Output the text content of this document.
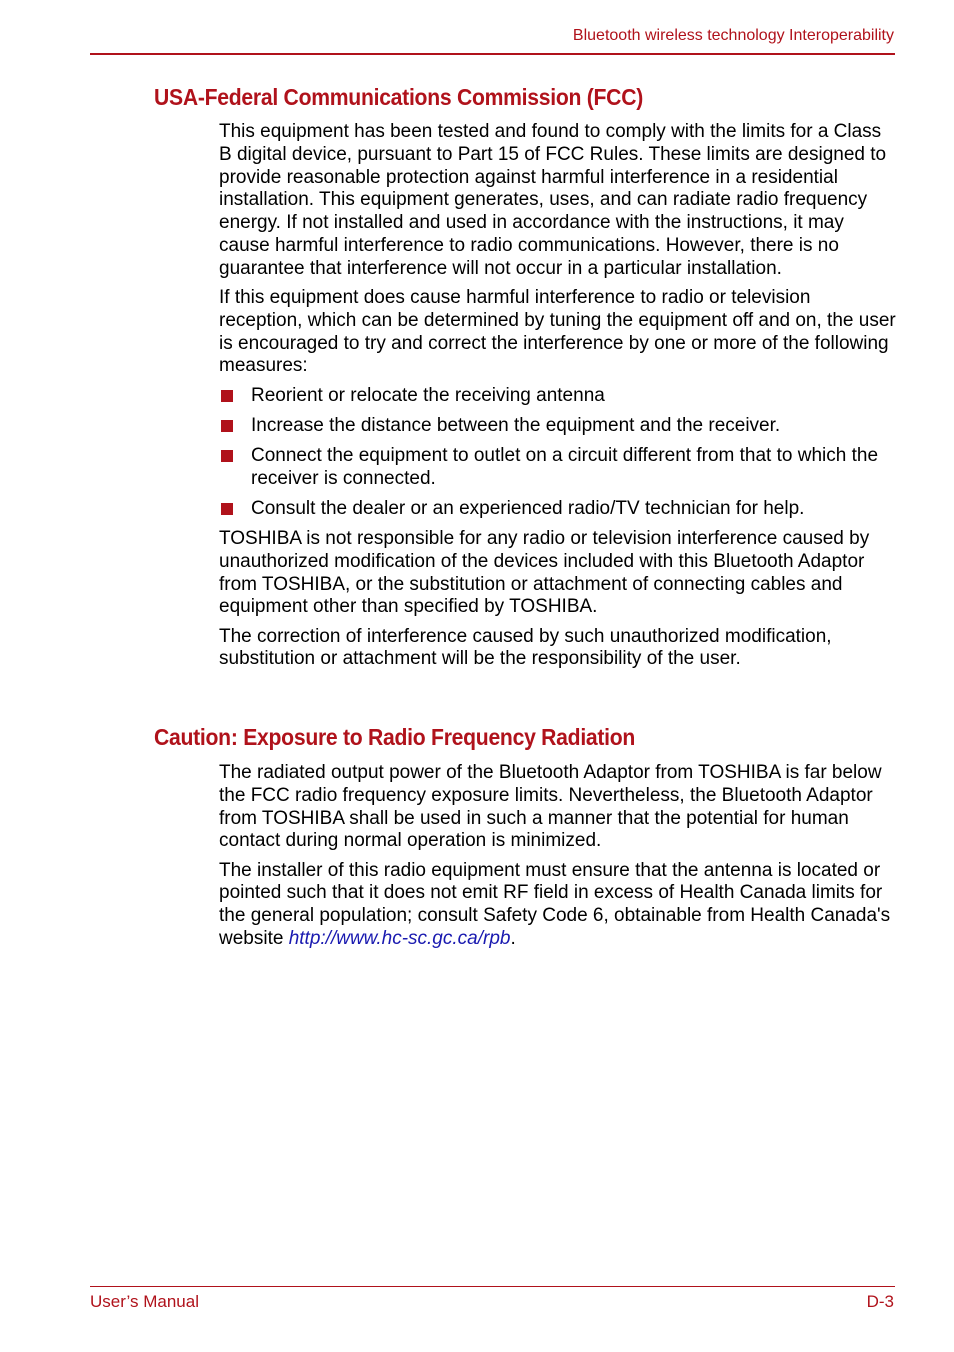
Bluetooth wireless technology Interoperability
USA-Federal Communications Commission (FCC)

This equipment has been tested and found to comply with the limits for a Class B digital device, pursuant to Part 15 of FCC Rules. These limits are designed to provide reasonable protection against harmful interference in a residential installation. This equipment generates, uses, and can radiate radio frequency energy. If not installed and used in accordance with the instructions, it may cause harmful interference to radio communications. However, there is no guarantee that interference will not occur in a particular installation.

If this equipment does cause harmful interference to radio or television reception, which can be determined by tuning the equipment off and on, the user is encouraged to try and correct the interference by one or more of the following measures:

Reorient or relocate the receiving antenna
Increase the distance between the equipment and the receiver.
Connect the equipment to outlet on a circuit different from that to which the receiver is connected.
Consult the dealer or an experienced radio/TV technician for help.

TOSHIBA is not responsible for any radio or television interference caused by unauthorized modification of the devices included with this Bluetooth Adaptor from TOSHIBA, or the substitution or attachment of connecting cables and equipment other than specified by TOSHIBA.

The correction of interference caused by such unauthorized modification, substitution or attachment will be the responsibility of the user.

Caution: Exposure to Radio Frequency Radiation

The radiated output power of the Bluetooth Adaptor from TOSHIBA is far below the FCC radio frequency exposure limits. Nevertheless, the Bluetooth Adaptor from TOSHIBA shall be used in such a manner that the potential for human contact during normal operation is minimized.

The installer of this radio equipment must ensure that the antenna is located or pointed such that it does not emit RF field in excess of Health Canada limits for the general population; consult Safety Code 6, obtainable from Health Canada's website http://www.hc-sc.gc.ca/rpb.

User’s Manual	D-3
